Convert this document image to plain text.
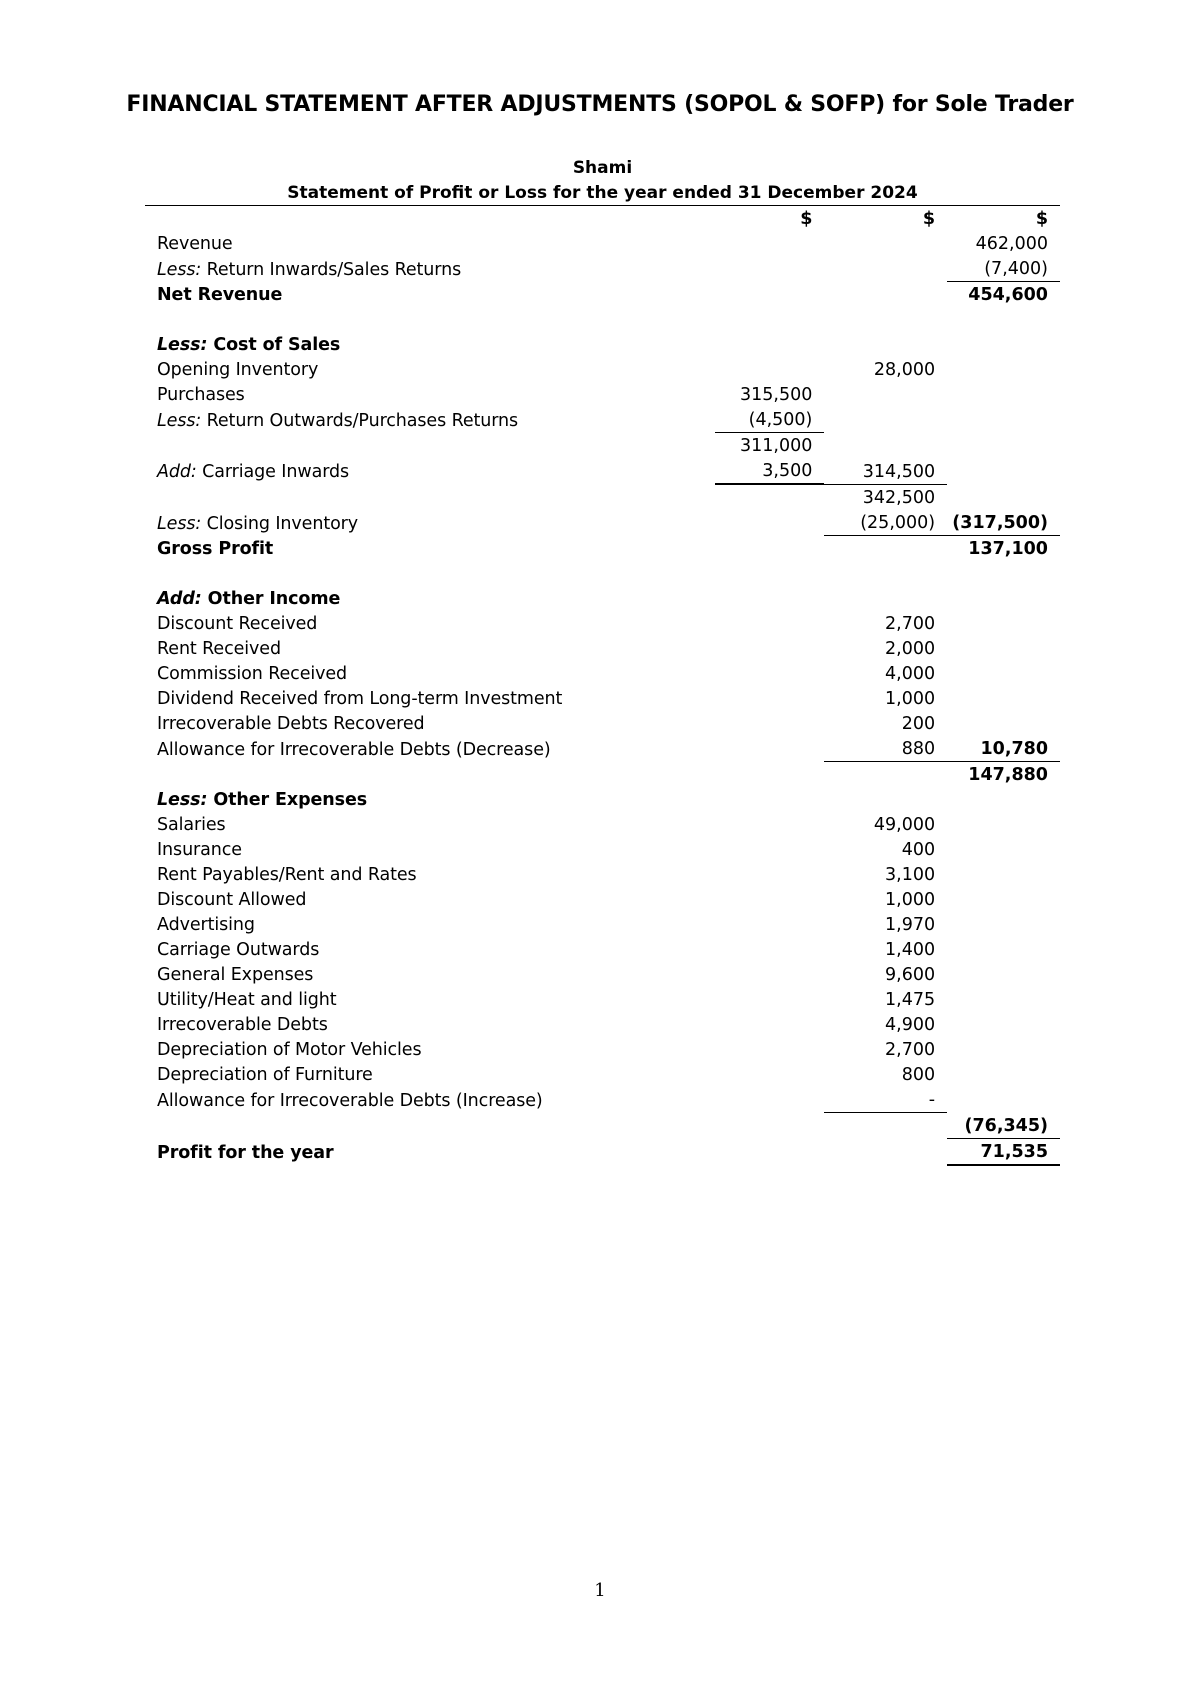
FINANCIAL STATEMENT AFTER ADJUSTMENTS (SOPOL & SOFP) for Sole Trader
Shami
Statement of Profit or Loss for the year ended 31 December 2024
	$	$	$
Revenue			462,000
Less: Return Inwards/Sales Returns			(7,400)
Net Revenue			454,600

Less: Cost of Sales			
Opening Inventory		28,000	
Purchases	315,500		
Less: Return Outwards/Purchases Returns	(4,500)		
	311,000		
Add: Carriage Inwards	3,500	314,500	
		342,500	
Less: Closing Inventory		(25,000)	(317,500)
Gross Profit			137,100

Add: Other Income			
Discount Received		2,700	
Rent Received		2,000	
Commission Received		4,000	
Dividend Received from Long-term Investment		1,000	
Irrecoverable Debts Recovered		200	
Allowance for Irrecoverable Debts (Decrease)		880	10,780
			147,880
Less: Other Expenses			
Salaries		49,000	
Insurance		400	
Rent Payables/Rent and Rates		3,100	
Discount Allowed		1,000	
Advertising		1,970	
Carriage Outwards		1,400	
General Expenses		9,600	
Utility/Heat and light		1,475	
Irrecoverable Debts		4,900	
Depreciation of Motor Vehicles		2,700	
Depreciation of Furniture		800	
Allowance for Irrecoverable Debts (Increase)		-	
			(76,345)
Profit for the year			71,535
1
